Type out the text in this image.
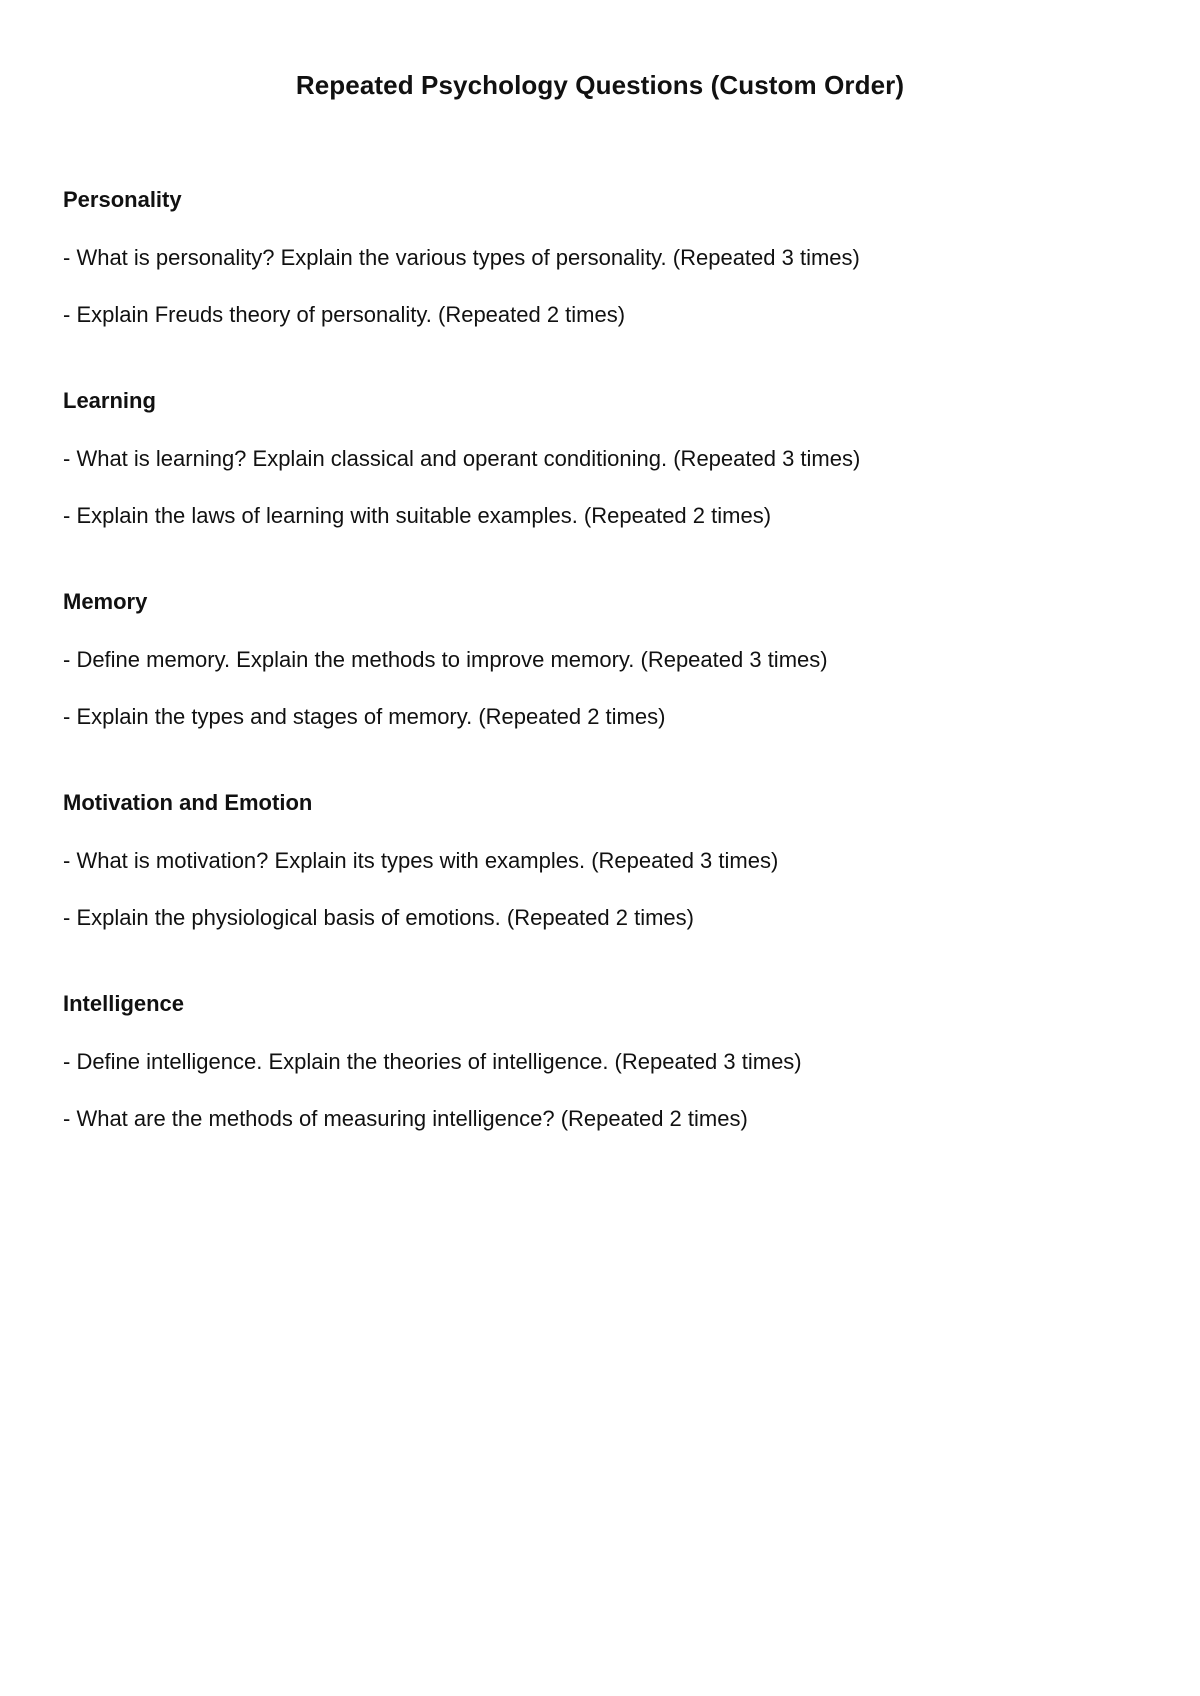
Repeated Psychology Questions (Custom Order)
Personality

- What is personality? Explain the various types of personality. (Repeated 3 times)

- Explain Freuds theory of personality. (Repeated 2 times)

Learning

- What is learning? Explain classical and operant conditioning. (Repeated 3 times)

- Explain the laws of learning with suitable examples. (Repeated 2 times)

Memory

- Define memory. Explain the methods to improve memory. (Repeated 3 times)

- Explain the types and stages of memory. (Repeated 2 times)

Motivation and Emotion

- What is motivation? Explain its types with examples. (Repeated 3 times)

- Explain the physiological basis of emotions. (Repeated 2 times)

Intelligence

- Define intelligence. Explain the theories of intelligence. (Repeated 3 times)

- What are the methods of measuring intelligence? (Repeated 2 times)
